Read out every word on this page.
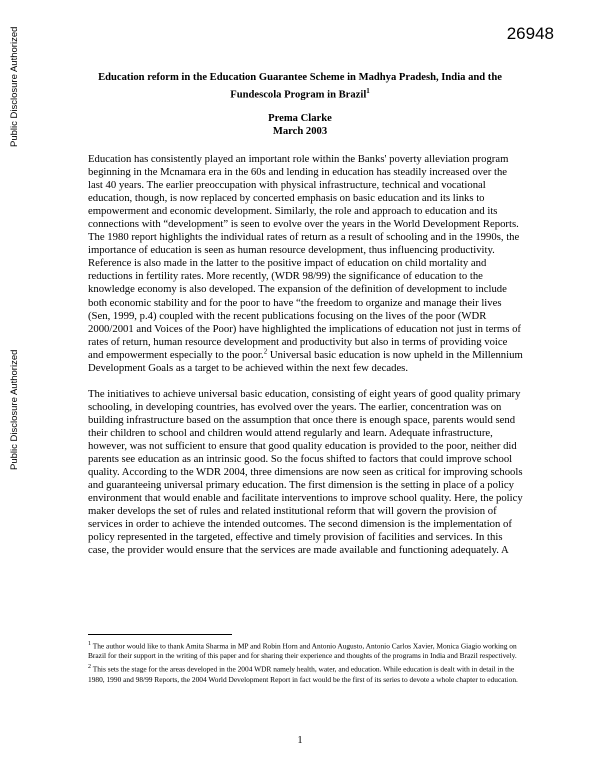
Public Disclosure Authorized
Public Disclosure Authorized
26948
Education reform in the Education Guarantee Scheme in Madhya Pradesh, India and the Fundescola Program in Brazil$^1$
Prema Clarke
March 2003

Education has consistently played an important role within the Banks' poverty alleviation program beginning in the Mcnamara era in the 60s and lending in education has steadily increased over the last 40 years. The earlier preoccupation with physical infrastructure, technical and vocational education, though, is now replaced by concerted emphasis on basic education and its links to empowerment and economic development. Similarly, the role and approach to education and its connections with “development” is seen to evolve over the years in the World Development Reports. The 1980 report highlights the individual rates of return as a result of schooling and in the 1990s, the importance of education is seen as human resource development, thus influencing productivity. Reference is also made in the latter to the positive impact of education on child mortality and reductions in fertility rates. More recently, (WDR 98/99) the significance of education to the knowledge economy is also developed. The expansion of the definition of development to include both economic stability and for the poor to have “the freedom to organize and manage their lives (Sen, 1999, p.4) coupled with the recent publications focusing on the lives of the poor (WDR 2000/2001 and Voices of the Poor) have highlighted the implications of education not just in terms of rates of return, human resource development and productivity but also in terms of providing voice and empowerment especially to the poor.$^2$ Universal basic education is now upheld in the Millennium Development Goals as a target to be achieved within the next few decades.

The initiatives to achieve universal basic education, consisting of eight years of good quality primary schooling, in developing countries, has evolved over the years. The earlier, concentration was on building infrastructure based on the assumption that once there is enough space, parents would send their children to school and children would attend regularly and learn. Adequate infrastructure, however, was not sufficient to ensure that good quality education is provided to the poor, neither did parents see education as an intrinsic good. So the focus shifted to factors that could improve school quality. According to the WDR 2004, three dimensions are now seen as critical for improving schools and guaranteeing universal primary education. The first dimension is the setting in place of a policy environment that would enable and facilitate interventions to improve school quality. Here, the policy maker develops the set of rules and related institutional reform that will govern the provision of services in order to achieve the intended outcomes. The second dimension is the implementation of policy represented in the targeted, effective and timely provision of facilities and services. In this case, the provider would ensure that the services are made available and functioning adequately. A

$^1$ The author would like to thank Amita Sharma in MP and Robin Horn and Antonio Augusto, Antonio Carlos Xavier, Monica Giagio working on Brazil for their support in the writing of this paper and for sharing their experience and thoughts of the programs in India and Brazil respectively.

$^2$ This sets the stage for the areas developed in the 2004 WDR namely health, water, and education. While education is dealt with in detail in the 1980, 1990 and 98/99 Reports, the 2004 World Development Report in fact would be the first of its series to devote a whole chapter to education.

1
